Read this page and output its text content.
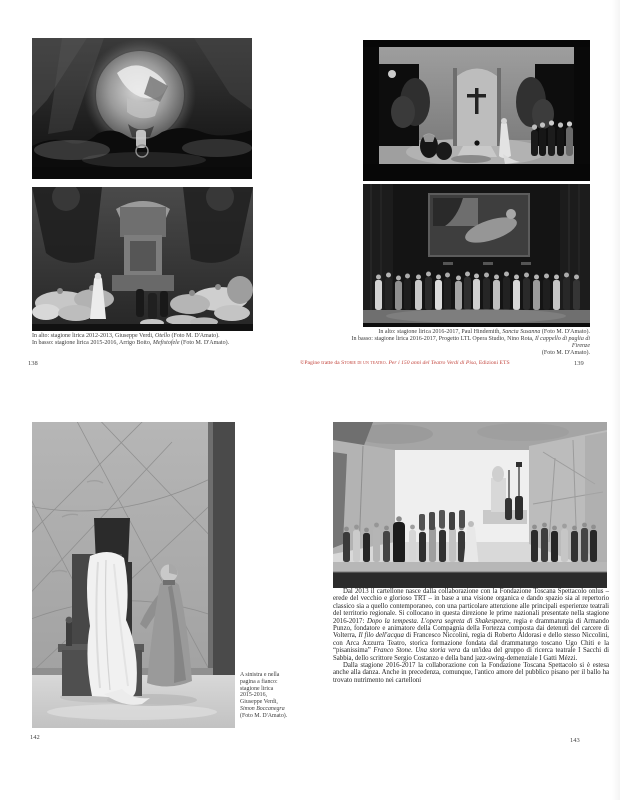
In alto: stagione lirica 2012-2013, Giuseppe Verdi, Otello (Foto M. D'Amato).
In basso: stagione lirica 2015-2016, Arrigo Boito, Mefistofele (Foto M. D'Amato).
In alto: stagione lirica 2016-2017, Paul Hindemith, Sancta Susanna (Foto M. D'Amato).
In basso: stagione lirica 2016-2017, Progetto LTL Opera Studio, Nino Rota, Il cappello di paglia di Firenze
(Foto M. D'Amato).
A sinistra e nella
pagina a fianco:
stagione lirica
2015-2016,
Giuseppe Verdi,
Simon Boccanegra
(Foto M. D'Amato).
©Pagine tratte da Storie di un teatro. Per i 150 anni del Teatro Verdi di Pisa, Edizioni ETS

Dal 2013 il cartellone nasce dalla collaborazione con la Fondazione Toscana Spettacolo onlus – erede del vecchio e glorioso TRT – in base a una visione organica e dando spazio sia al repertorio classico sia a quello contemporaneo, con una particolare attenzione alle principali esperienze teatrali del territorio regionale. Si collocano in questa direzione le prime nazionali presentate nella stagione 2016-2017: Dopo la tempesta. L'opera segreta di Shakespeare, regia e drammaturgia di Armando Punzo, fondatore e animatore della Compagnia della Fortezza composta dai detenuti del carcere di Volterra, Il filo dell'acqua di Francesco Niccolini, regia di Roberto Aldorasi e dello stesso Niccolini, con Arca Azzurra Teatro, storica formazione fondata dal drammaturgo toscano Ugo Chiti e la “pisanissima” Franco Stone. Una storia vera da un'idea del gruppo di ricerca teatrale I Sacchi di Sabbia, dello scrittore Sergio Costanzo e della band jazz-swing-demenziale I Gatti Mézzi.

Dalla stagione 2016-2017 la collaborazione con la Fondazione Toscana Spettacolo si è estesa anche alla danza. Anche in precedenza, comunque, l'antico amore del pubblico pisano per il ballo ha trovato nutrimento nei cartelloni

138	139
142	143
